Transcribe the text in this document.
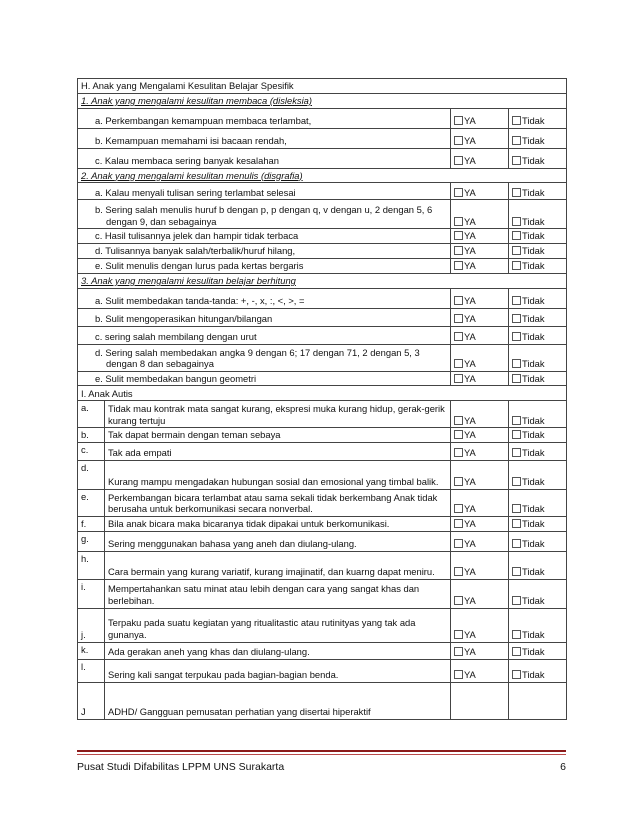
H. Anak yang Mengalami Kesulitan Belajar Spesifik			
1. Anak yang mengalami kesulitan membaca (disleksia)			
a. Perkembangan kemampuan membaca terlambat,		YA	Tidak
b. Kemampuan memahami isi bacaan rendah,		YA	Tidak
c. Kalau membaca sering banyak kesalahan		YA	Tidak
2. Anak yang mengalami kesulitan menulis (disgrafia)			
a. Kalau menyali tulisan sering terlambat selesai		YA	Tidak
b. Sering salah menulis huruf b dengan p, p dengan q, v dengan u, 2 dengan 5, 6 dengan 9, dan sebagainya		YA	Tidak
c. Hasil tulisannya jelek dan hampir tidak terbaca		YA	Tidak
d. Tulisannya banyak salah/terbalik/huruf hilang,		YA	Tidak
e. Sulit menulis dengan lurus pada kertas bergaris		YA	Tidak
3. Anak yang mengalami kesulitan belajar berhitung			
a. Sulit membedakan tanda-tanda: +, -, x, :, <, >, =		YA	Tidak
b. Sulit mengoperasikan hitungan/bilangan		YA	Tidak
c. sering salah membilang dengan urut		YA	Tidak
d. Sering salah membedakan angka 9 dengan 6; 17 dengan 71, 2 dengan 5, 3 dengan 8 dan sebagainya		YA	Tidak
e. Sulit membedakan bangun geometri		YA	Tidak
I. Anak Autis			
a.	Tidak mau kontrak mata sangat kurang, ekspresi muka kurang hidup, gerak-gerik kurang tertuju	YA	Tidak
b.	Tak dapat bermain dengan teman sebaya	YA	Tidak
c.	Tak ada empati	YA	Tidak
d.	Kurang mampu mengadakan hubungan sosial dan emosional yang timbal balik.	YA	Tidak
e.	Perkembangan bicara terlambat atau sama sekali tidak berkembang Anak tidak berusaha untuk berkomunikasi secara nonverbal.	YA	Tidak
f.	Bila anak bicara maka bicaranya tidak dipakai untuk berkomunikasi.	YA	Tidak
g.	Sering menggunakan bahasa yang aneh dan diulang-ulang.	YA	Tidak
h.	Cara bermain yang kurang variatif, kurang imajinatif, dan kuarng dapat meniru.	YA	Tidak
i.	Mempertahankan satu minat atau lebih dengan cara yang sangat khas dan berlebihan.	YA	Tidak
j.	Terpaku pada suatu kegiatan yang ritualitastic atau rutinityas yang tak ada gunanya.	YA	Tidak
k.	Ada gerakan aneh yang khas dan diulang-ulang.	YA	Tidak
l.	Sering kali sangat terpukau pada bagian-bagian benda.	YA	Tidak
J	ADHD/ Gangguan pemusatan perhatian yang disertai hiperaktif		
Pusat Studi Difabilitas LPPM UNS Surakarta	6
